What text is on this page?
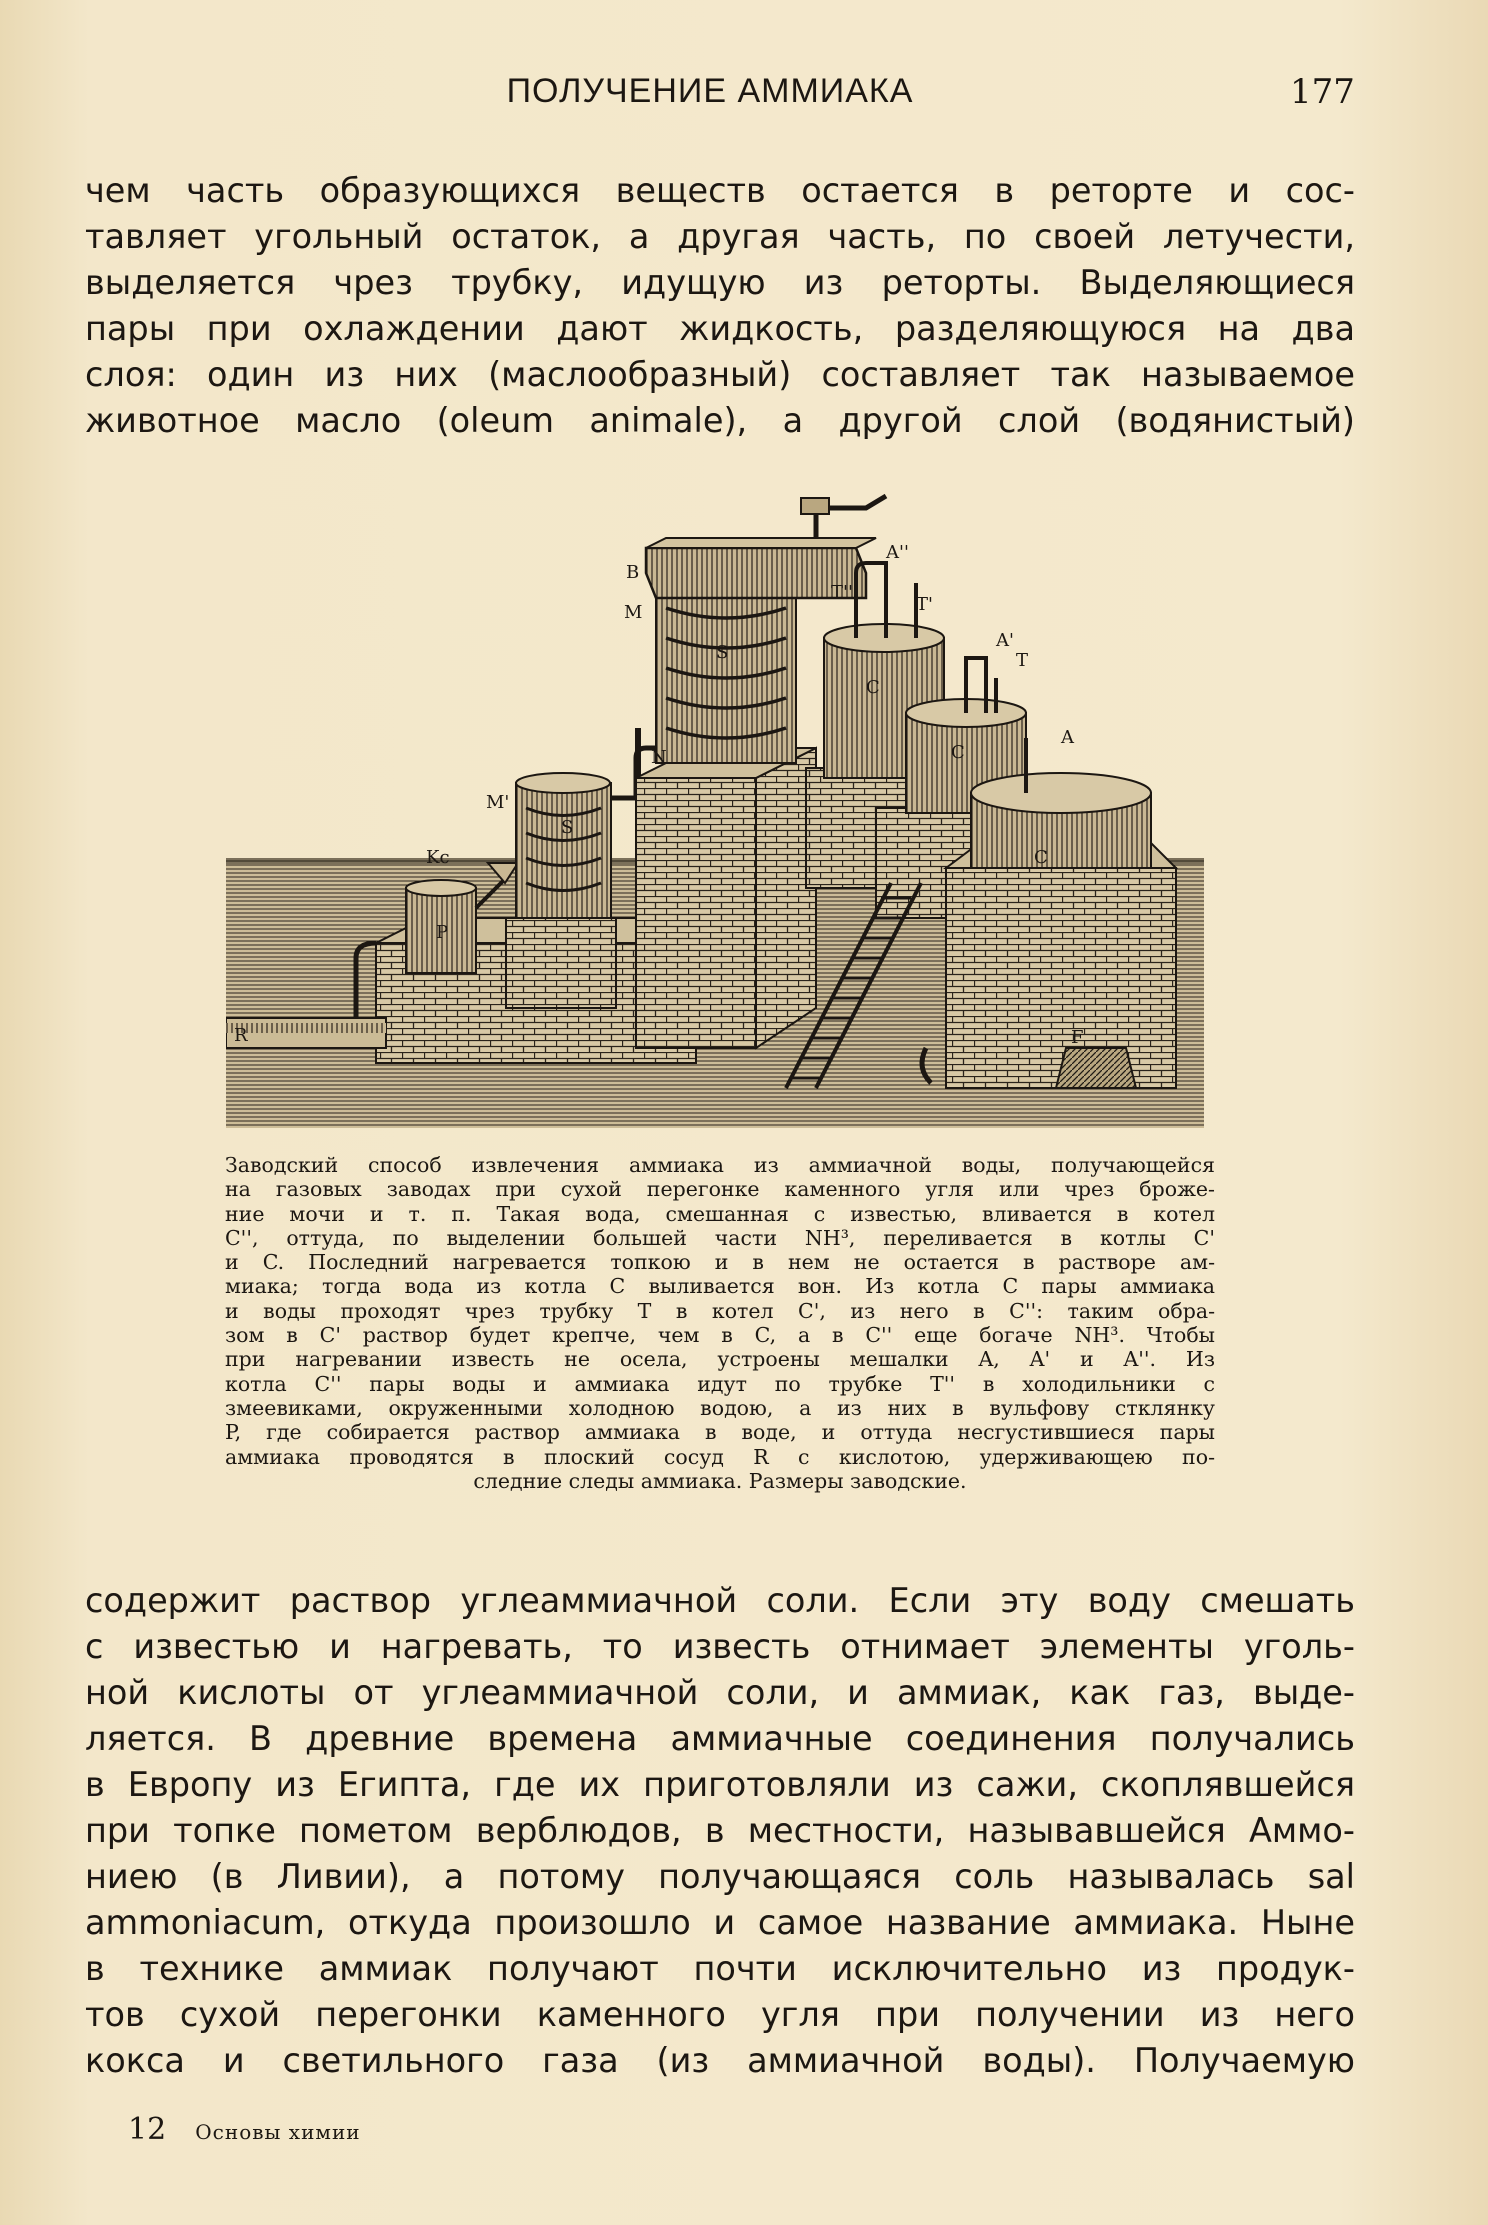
ПОЛУЧЕНИЕ АММИАКА	177
чем часть образующихся веществ остается в реторте и сос-
тавляет угольный остаток, а другая часть, по своей летучести,
выделяется чрез трубку, идущую из реторты. Выделяющиеся
пары при охлаждении дают жидкость, разделяющуюся на два
слоя: один из них (маслообразный) составляет так называемое
животное масло (oleum animale), а другой слой (водянистый)
B
M
S
N
M'
S
Kc
P
R
A''
T''
T'
C
T
A'
A
C
C
F
Заводский способ извлечения аммиака из аммиачной воды, получающейся
на газовых заводах при сухой перегонке каменного угля или чрез броже-
ние мочи и т. п. Такая вода, смешанная с известью, вливается в котел
C'', оттуда, по выделении большей части NH³, переливается в котлы C'
и C. Последний нагревается топкою и в нем не остается в растворе ам-
миака; тогда вода из котла C выливается вон. Из котла C пары аммиака
и воды проходят чрез трубку T в котел C', из него в C'': таким обра-
зом в C' раствор будет крепче, чем в C, а в C'' еще богаче NH³. Чтобы
при нагревании известь не осела, устроены мешалки A, A' и A''. Из
котла C'' пары воды и аммиака идут по трубке T'' в холодильники с
змеевиками, окруженными холодною водою, а из них в вульфову стклянку
P, где собирается раствор аммиака в воде, и оттуда несгустившиеся пары
аммиака проводятся в плоский сосуд R с кислотою, удерживающею по-
следние следы аммиака. Размеры заводские.
содержит раствор углеаммиачной соли. Если эту воду смешать
с известью и нагревать, то известь отнимает элементы уголь-
ной кислоты от углеаммиачной соли, и аммиак, как газ, выде-
ляется. В древние времена аммиачные соединения получались
в Европу из Египта, где их приготовляли из сажи, скоплявшейся
при топке пометом верблюдов, в местности, называвшейся Аммо-
ниею (в Ливии), а потому получающаяся соль называлась sal
ammoniacum, откуда произошло и самое название аммиака. Ныне
в технике аммиак получают почти исключительно из продук-
тов сухой перегонки каменного угля при получении из него
кокса и светильного газа (из аммиачной воды). Получаемую
12 Основы химии
